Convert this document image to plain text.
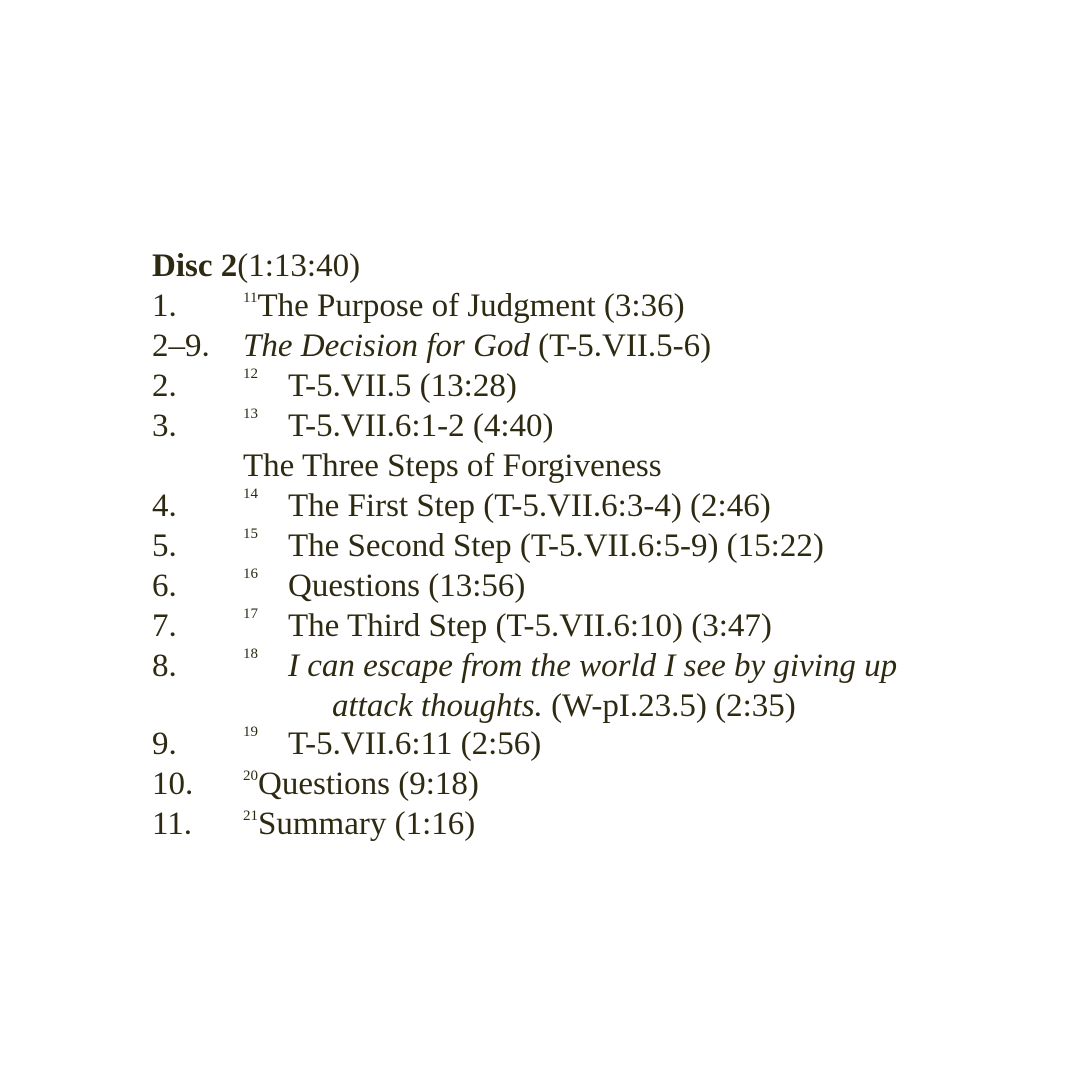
Disc 2(1:13:40)
1.	$^{11}$The Purpose of Judgment (3:36)
2–9. The Decision for God (T-5.VII.5-6)
2.	12 T-5.VII.5 (13:28)
3.	13 T-5.VII.6:1-2 (4:40)
The Three Steps of Forgiveness
4.	14 The First Step (T-5.VII.6:3-4) (2:46)
5.	15 The Second Step (T-5.VII.6:5-9) (15:22)
6.	16 Questions (13:56)
7.	17 The Third Step (T-5.VII.6:10) (3:47)
8.	18 I can escape from the world I see by giving up
attack thoughts. (W-pI.23.5) (2:35)
9.	19 T-5.VII.6:11 (2:56)
10.	$^{20}$Questions (9:18)
11.	$^{21}$Summary (1:16)
